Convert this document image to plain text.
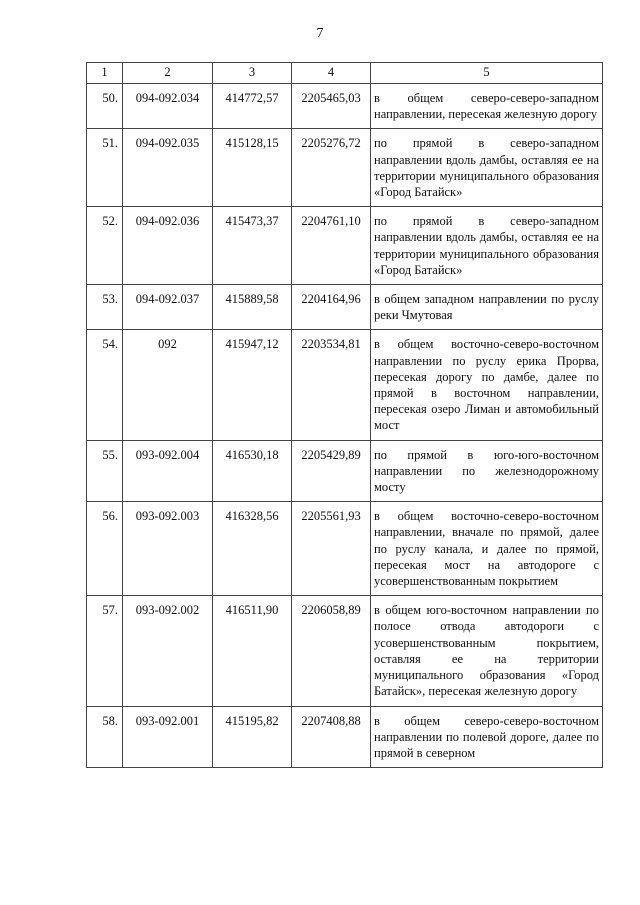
7
1	2	3	4	5
50.	094-092.034	414772,57	2205465,03	в общем северо-северо-западном направлении, пересекая железную дорогу
51.	094-092.035	415128,15	2205276,72	по прямой в северо-западном направлении вдоль дамбы, оставляя ее на территории муниципального образования «Город Батайск»
52.	094-092.036	415473,37	2204761,10	по прямой в северо-западном направлении вдоль дамбы, оставляя ее на территории муниципального образования «Город Батайск»
53.	094-092.037	415889,58	2204164,96	в общем западном направлении по руслу реки Чмутовая
54.	092	415947,12	2203534,81	в общем восточно-северо-восточном направлении по руслу ерика Прорва, пересекая дорогу по дамбе, далее по прямой в восточном направлении, пересекая озеро Лиман и автомобильный мост
55.	093-092.004	416530,18	2205429,89	по прямой в юго-юго-восточном направлении по железнодорожному мосту
56.	093-092.003	416328,56	2205561,93	в общем восточно-северо-восточном направлении, вначале по прямой, далее по руслу канала, и далее по прямой, пересекая мост на автодороге с усовершенствованным покрытием
57.	093-092.002	416511,90	2206058,89	в общем юго-восточном направлении по полосе отвода автодороги с усовершенствованным покрытием, оставляя ее на территории муниципального образования «Город Батайск», пересекая железную дорогу
58.	093-092.001	415195,82	2207408,88	в общем северо-северо-восточном направлении по полевой дороге, далее по прямой в северном
